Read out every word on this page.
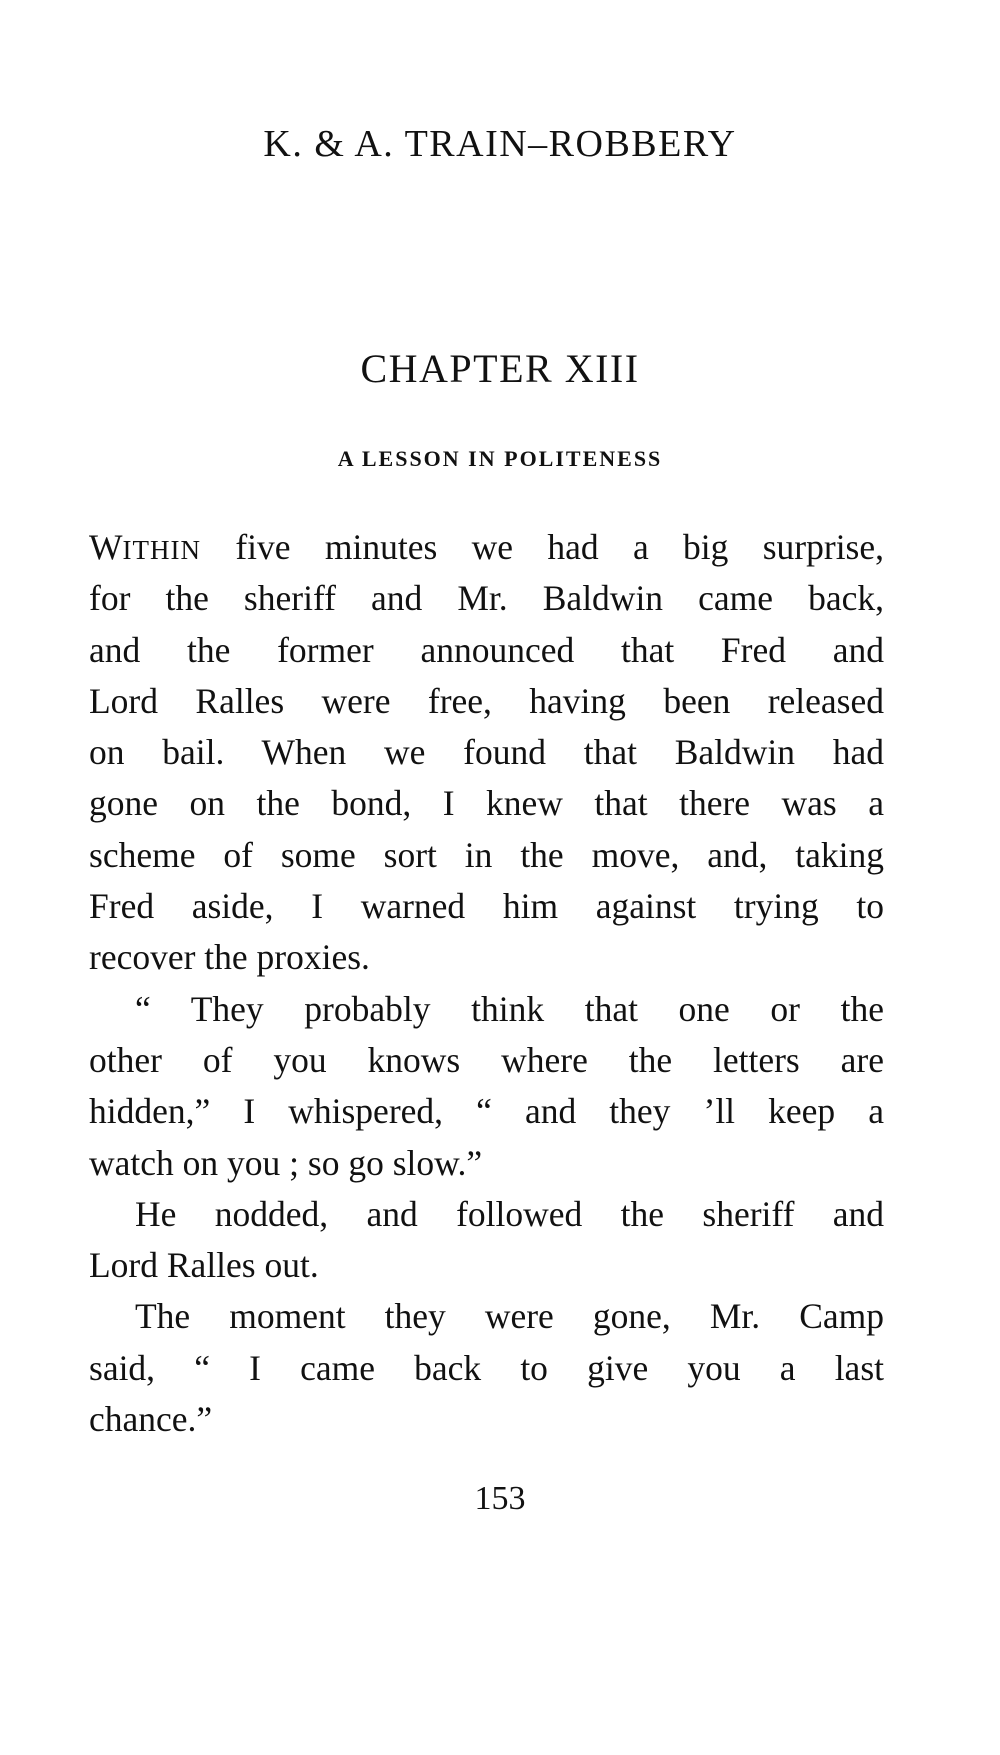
K. & A. TRAIN–ROBBERY
CHAPTER XIII
A LESSON IN POLITENESS
WITHIN five minutes we had a big surprise,
for the sheriff and Mr. Baldwin came back,
and the former announced that Fred and
Lord Ralles were free, having been released
on bail. When we found that Baldwin had
gone on the bond, I knew that there was a
scheme of some sort in the move, and, taking
Fred aside, I warned him against trying to
recover the proxies.
“ They probably think that one or the
other of you knows where the letters are
hidden,” I whispered, “ and they ’ll keep a
watch on you ; so go slow.”
He nodded, and followed the sheriff and
Lord Ralles out.
The moment they were gone, Mr. Camp
said, “ I came back to give you a last
chance.”
153
